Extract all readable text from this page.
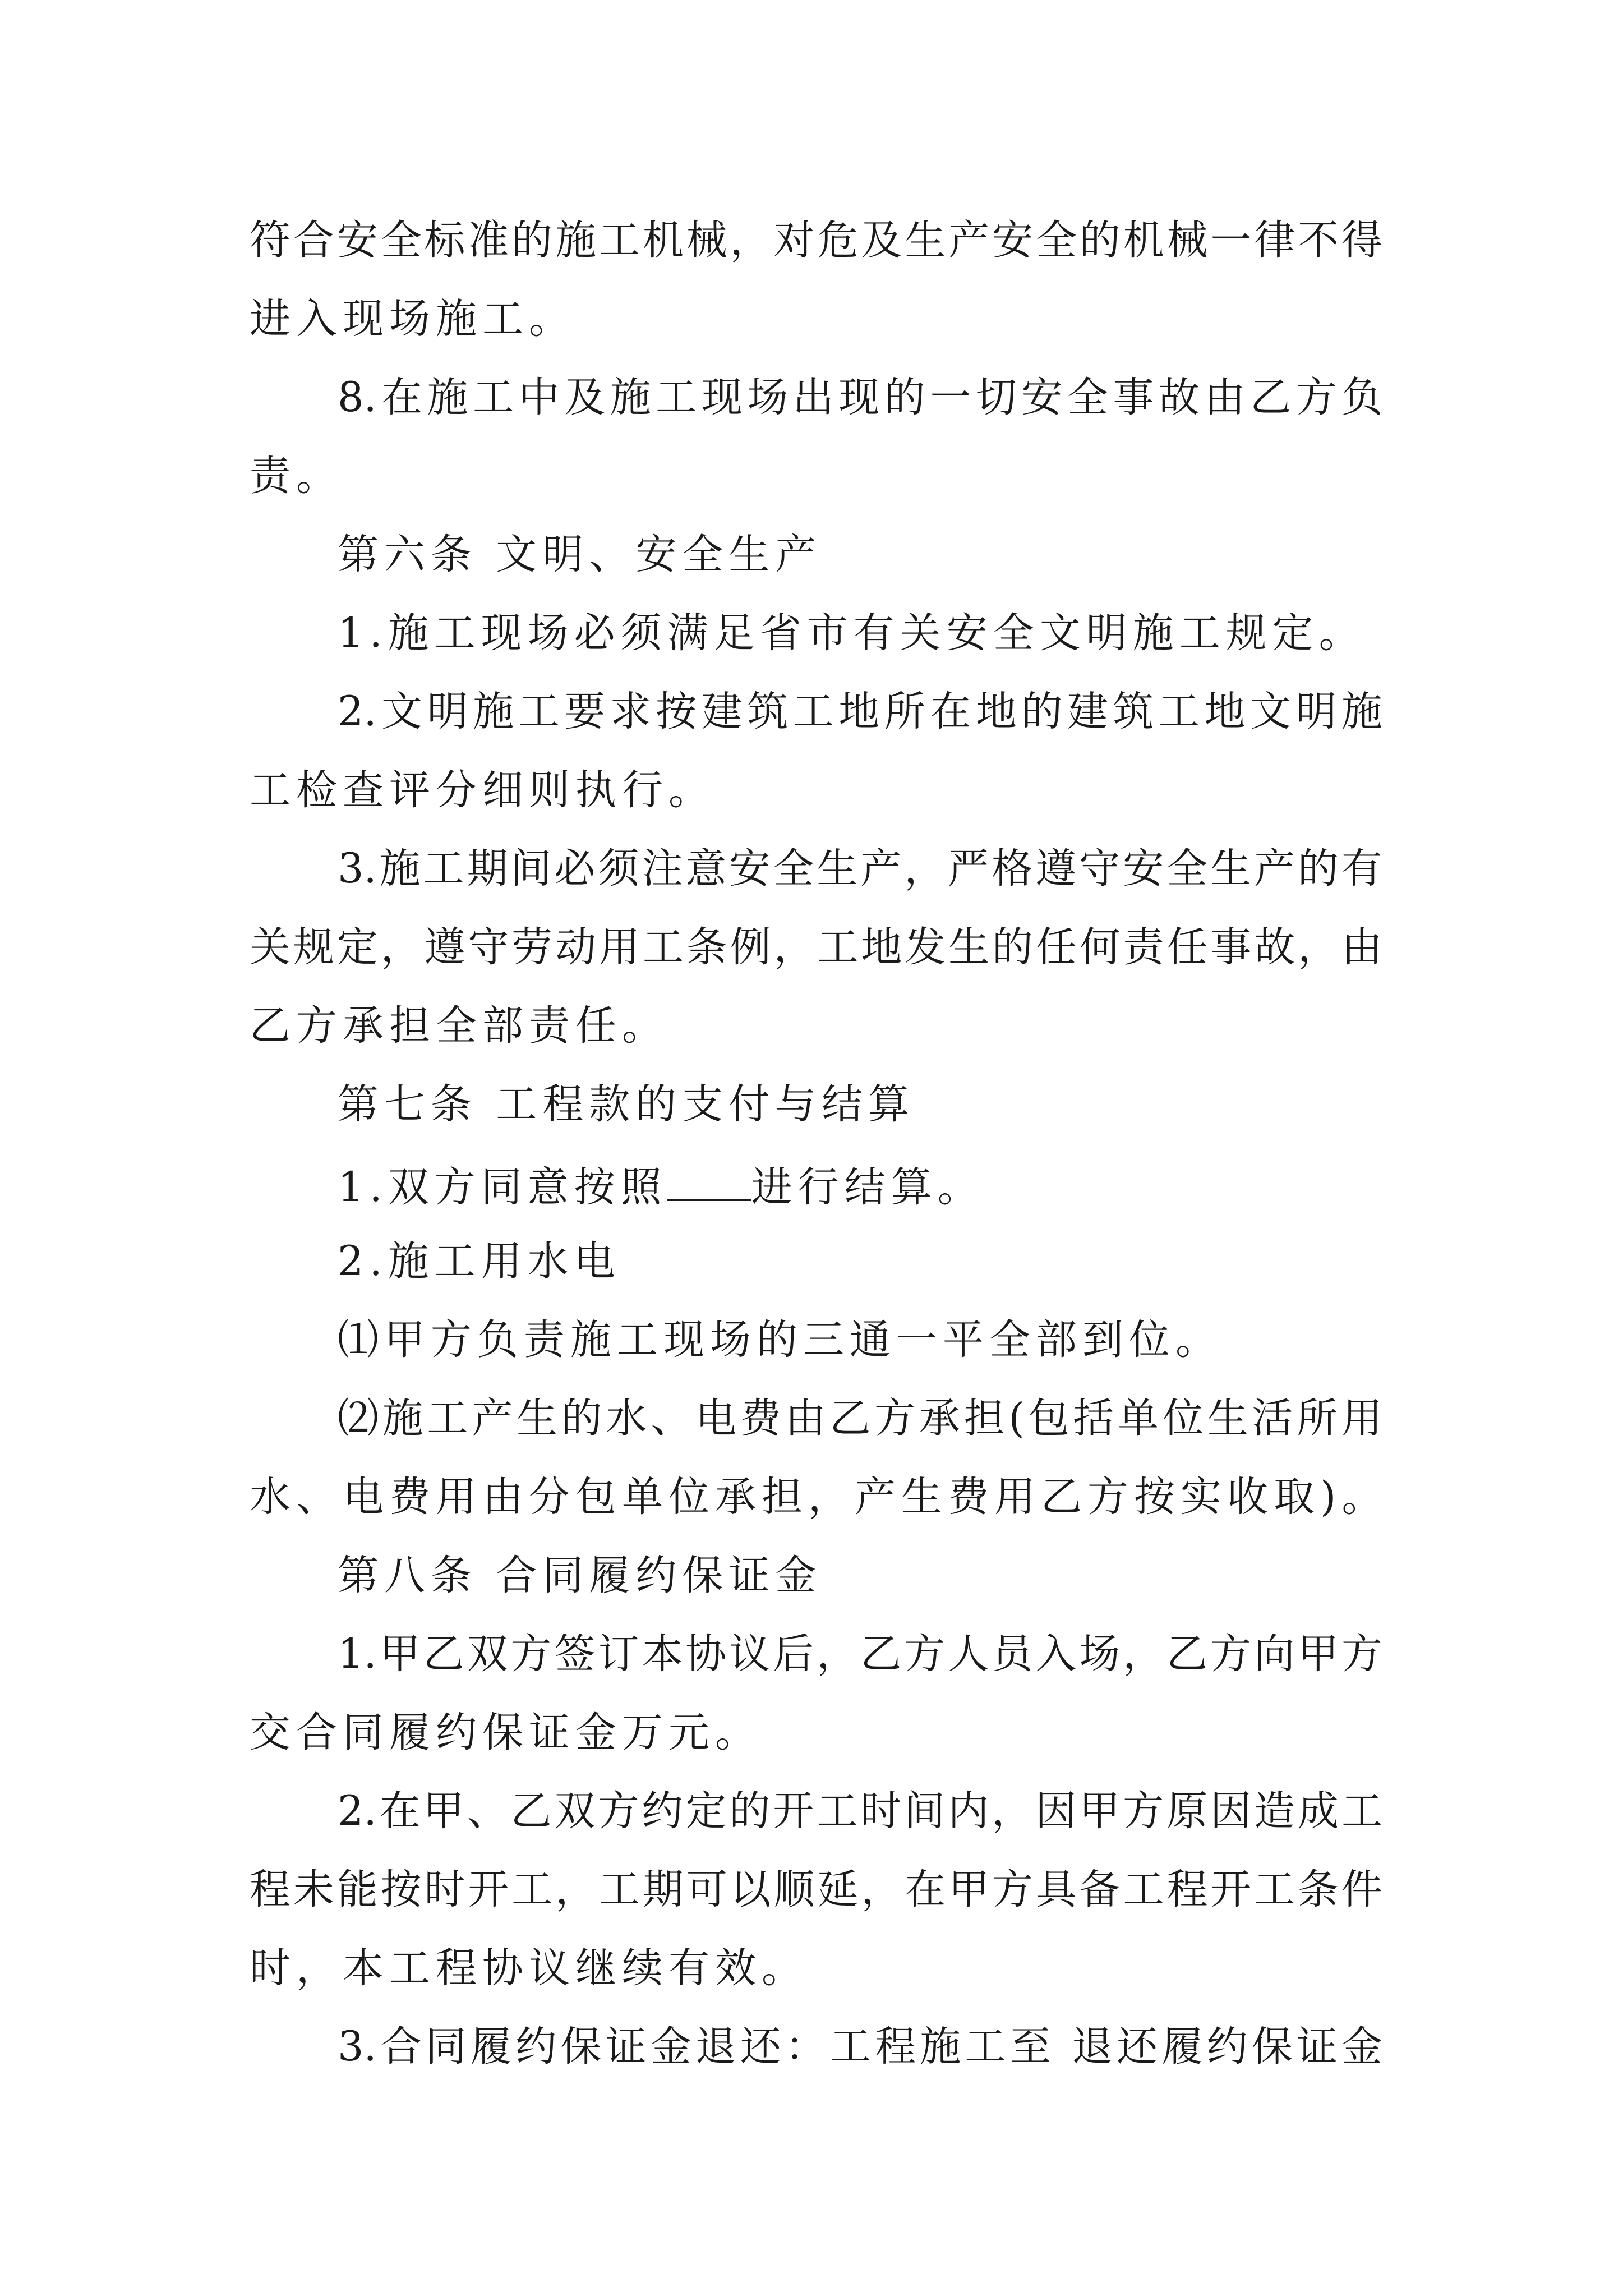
符合安全标准的施工机械，对危及生产安全的机械一律不得
进入现场施工。
8.在施工中及施工现场出现的一切安全事故由乙方负
责。
第六条 文明、安全生产
1.施工现场必须满足省市有关安全文明施工规定。
2.文明施工要求按建筑工地所在地的建筑工地文明施
工检查评分细则执行。
3.施工期间必须注意安全生产，严格遵守安全生产的有
关规定，遵守劳动用工条例，工地发生的任何责任事故，由
乙方承担全部责任。
第七条 工程款的支付与结算
1.双方同意按照 进行结算。
2.施工用水电
⑴甲方负责施工现场的三通一平全部到位。
⑵施工产生的水、电费由乙方承担(包括单位生活所用
水、电费用由分包单位承担，产生费用乙方按实收取)。
第八条 合同履约保证金
1.甲乙双方签订本协议后，乙方人员入场，乙方向甲方
交合同履约保证金万元。
2.在甲、乙双方约定的开工时间内，因甲方原因造成工
程未能按时开工，工期可以顺延，在甲方具备工程开工条件
时，本工程协议继续有效。
3.合同履约保证金退还：工程施工至 退还履约保证金
